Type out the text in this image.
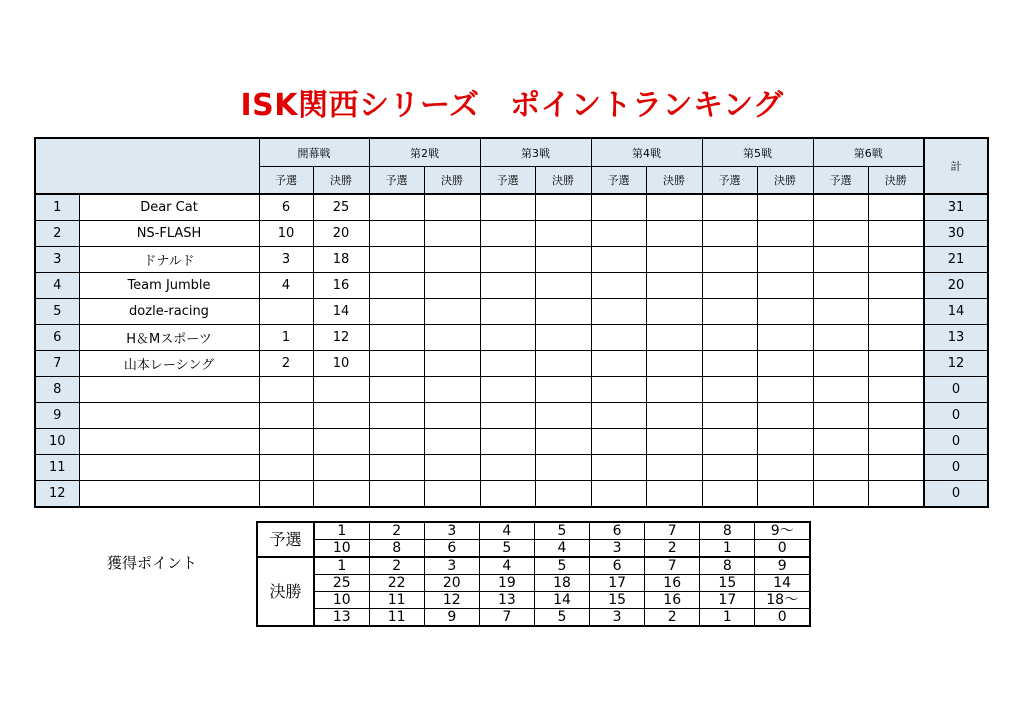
ISK関西シリーズ　ポイントランキング
		開幕戦		第2戦		第3戦		第4戦		第5戦		第6戦		計
		予選	決勝	予選	決勝	予選	決勝	予選	決勝	予選	決勝	予選	決勝	
1	Dear Cat	6	25											31
2	NS-FLASH	10	20											30
3	ドナルド	3	18											21
4	Team Jumble	4	16											20
5	dozle-racing		14											14
6	H＆Mスポーツ	1	12											13
7	山本レーシング	2	10											12
8														0
9														0
10														0
11														0
12														0
獲得ポイント
予選	1	2	3	4	5	6	7	8	9～
	10	8	6	5	4	3	2	1	0
決勝	1	2	3	4	5	6	7	8	9
	25	22	20	19	18	17	16	15	14
	10	11	12	13	14	15	16	17	18～
	13	11	9	7	5	3	2	1	0
